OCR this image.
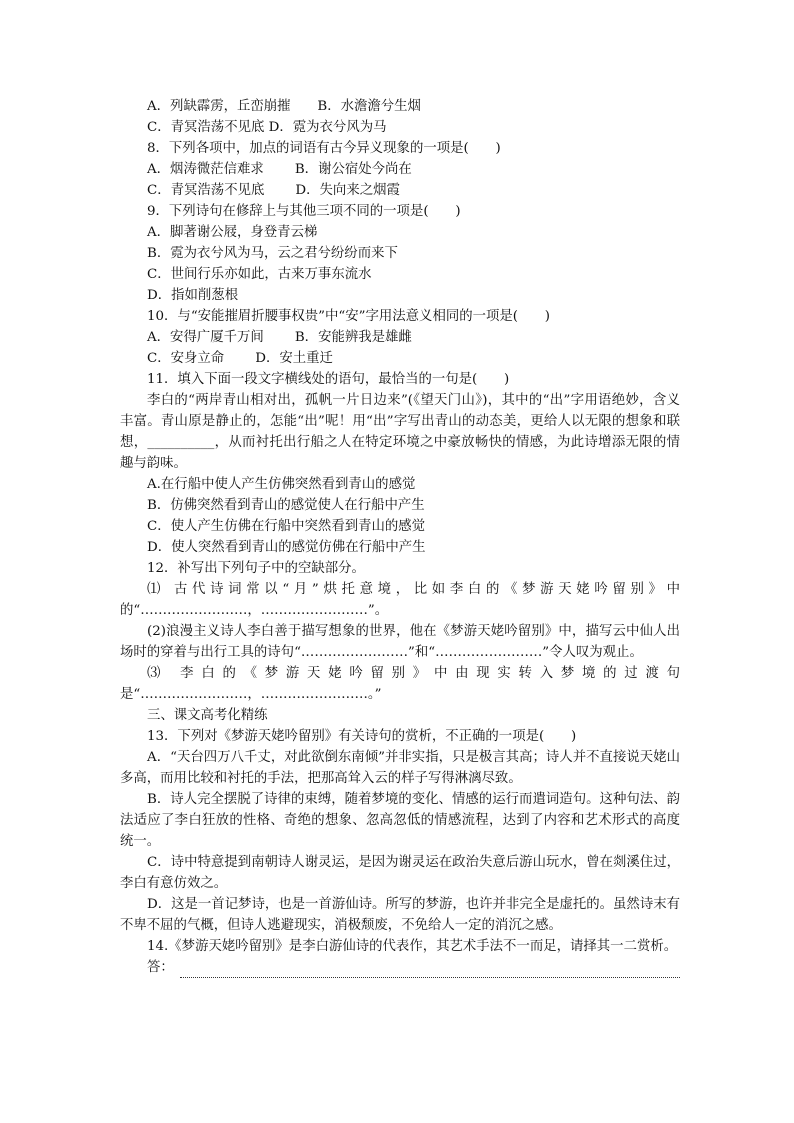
A．列缺霹雳，丘峦崩摧　　B．水澹澹兮生烟
C．青冥浩荡不见底 D．霓为衣兮风为马
8．下列各项中，加点的词语有古今异义现象的一项是(　　)
A．烟涛微茫信难求　　 B．谢公宿处今尚在
C．青冥浩荡不见底　　 D．失向来之烟霞
9．下列诗句在修辞上与其他三项不同的一项是(　　)
A．脚著谢公屐，身登青云梯
B．霓为衣兮风为马，云之君兮纷纷而来下
C．世间行乐亦如此，古来万事东流水
D．指如削葱根
10．与“安能摧眉折腰事权贵”中“安”字用法意义相同的一项是(　　)
A．安得广厦千万间　　 B．安能辨我是雄雌
C．安身立命　　 D．安土重迁
11．填入下面一段文字横线处的语句，最恰当的一句是(　　)
李白的“两岸青山相对出，孤帆一片日边来”(《望天门山》)，其中的“出”字用语绝妙，含义丰富。青山原是静止的，怎能“出”呢！用“出”字写出青山的动态美，更给人以无限的想象和联想，__________，从而衬托出行船之人在特定环境之中豪放畅快的情感，为此诗增添无限的情趣与韵味。
A.在行船中使人产生仿佛突然看到青山的感觉
B．仿佛突然看到青山的感觉使人在行船中产生
C．使人产生仿佛在行船中突然看到青山的感觉
D．使人突然看到青山的感觉仿佛在行船中产生
12．补写出下列句子中的空缺部分。
⑴ 古代诗词常以“月”烘托意境，比如李白的《梦游天姥吟留别》中的“……………………，……………………”。
(2)浪漫主义诗人李白善于描写想象的世界，他在《梦游天姥吟留别》中，描写云中仙人出场时的穿着与出行工具的诗句“……………………”和“……………………”令人叹为观止。
⑶ 李白的《梦游天姥吟留别》中由现实转入梦境的过渡句是“……………………，……………………。”
三、课文高考化精练
13．下列对《梦游天姥吟留别》有关诗句的赏析，不正确的一项是(　　)
A．“天台四万八千丈，对此欲倒东南倾”并非实指，只是极言其高；诗人并不直接说天姥山多高，而用比较和衬托的手法，把那高耸入云的样子写得淋漓尽致。
B．诗人完全摆脱了诗律的束缚，随着梦境的变化、情感的运行而遣词造句。这种句法、韵法适应了李白狂放的性格、奇绝的想象、忽高忽低的情感流程，达到了内容和艺术形式的高度统一。
C．诗中特意提到南朝诗人谢灵运，是因为谢灵运在政治失意后游山玩水，曾在剡溪住过，李白有意仿效之。
D．这是一首记梦诗，也是一首游仙诗。所写的梦游，也许并非完全是虚托的。虽然诗末有不卑不屈的气概，但诗人逃避现实，消极颓废，不免给人一定的消沉之感。
14.《梦游天姥吟留别》是李白游仙诗的代表作，其艺术手法不一而足，请择其一二赏析。
答：
